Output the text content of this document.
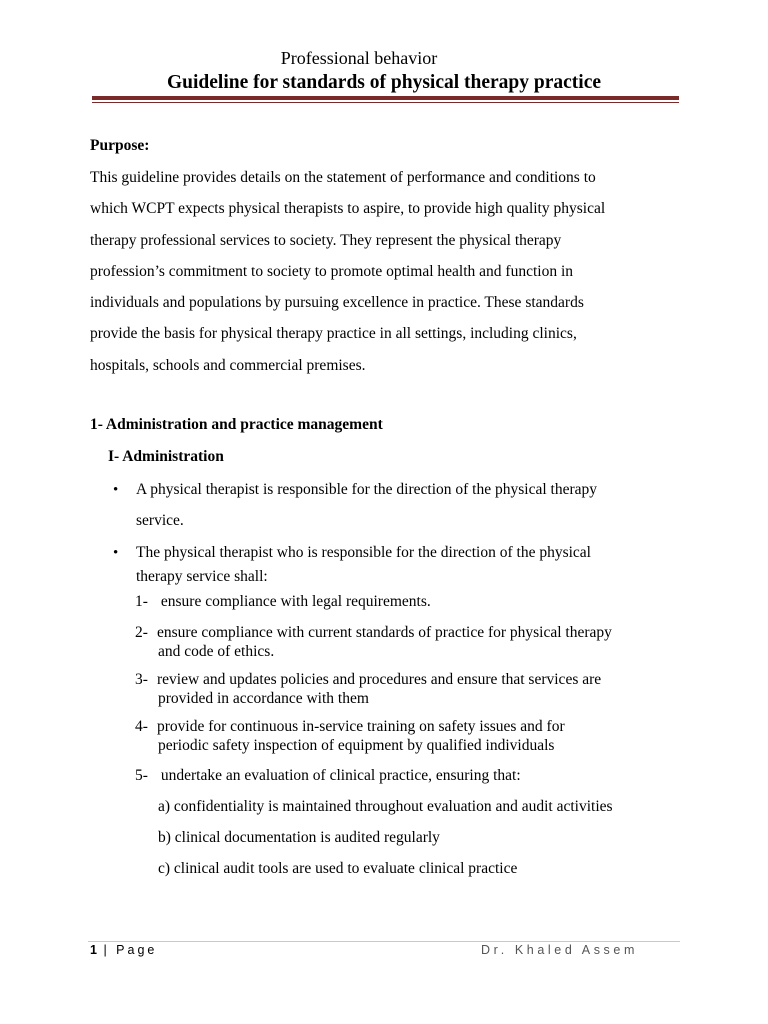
Professional behavior
Guideline for standards of physical therapy practice
Purpose:
This guideline provides details on the statement of performance and conditions to
which WCPT expects physical therapists to aspire, to provide high quality physical
therapy professional services to society. They represent the physical therapy
profession’s commitment to society to promote optimal health and function in
individuals and populations by pursuing excellence in practice. These standards
provide the basis for physical therapy practice in all settings, including clinics,
hospitals, schools and commercial premises.
1- Administration and practice management
I- Administration
• A physical therapist is responsible for the direction of the physical therapy
service.
• The physical therapist who is responsible for the direction of the physical
therapy service shall:
1- ensure compliance with legal requirements.
2- ensure compliance with current standards of practice for physical therapy
and code of ethics.
3- review and updates policies and procedures and ensure that services are
provided in accordance with them
4- provide for continuous in-service training on safety issues and for
periodic safety inspection of equipment by qualified individuals
5- undertake an evaluation of clinical practice, ensuring that:
a) confidentiality is maintained throughout evaluation and audit activities
b) clinical documentation is audited regularly
c) clinical audit tools are used to evaluate clinical practice
1 | Page	Dr. Khaled Assem
